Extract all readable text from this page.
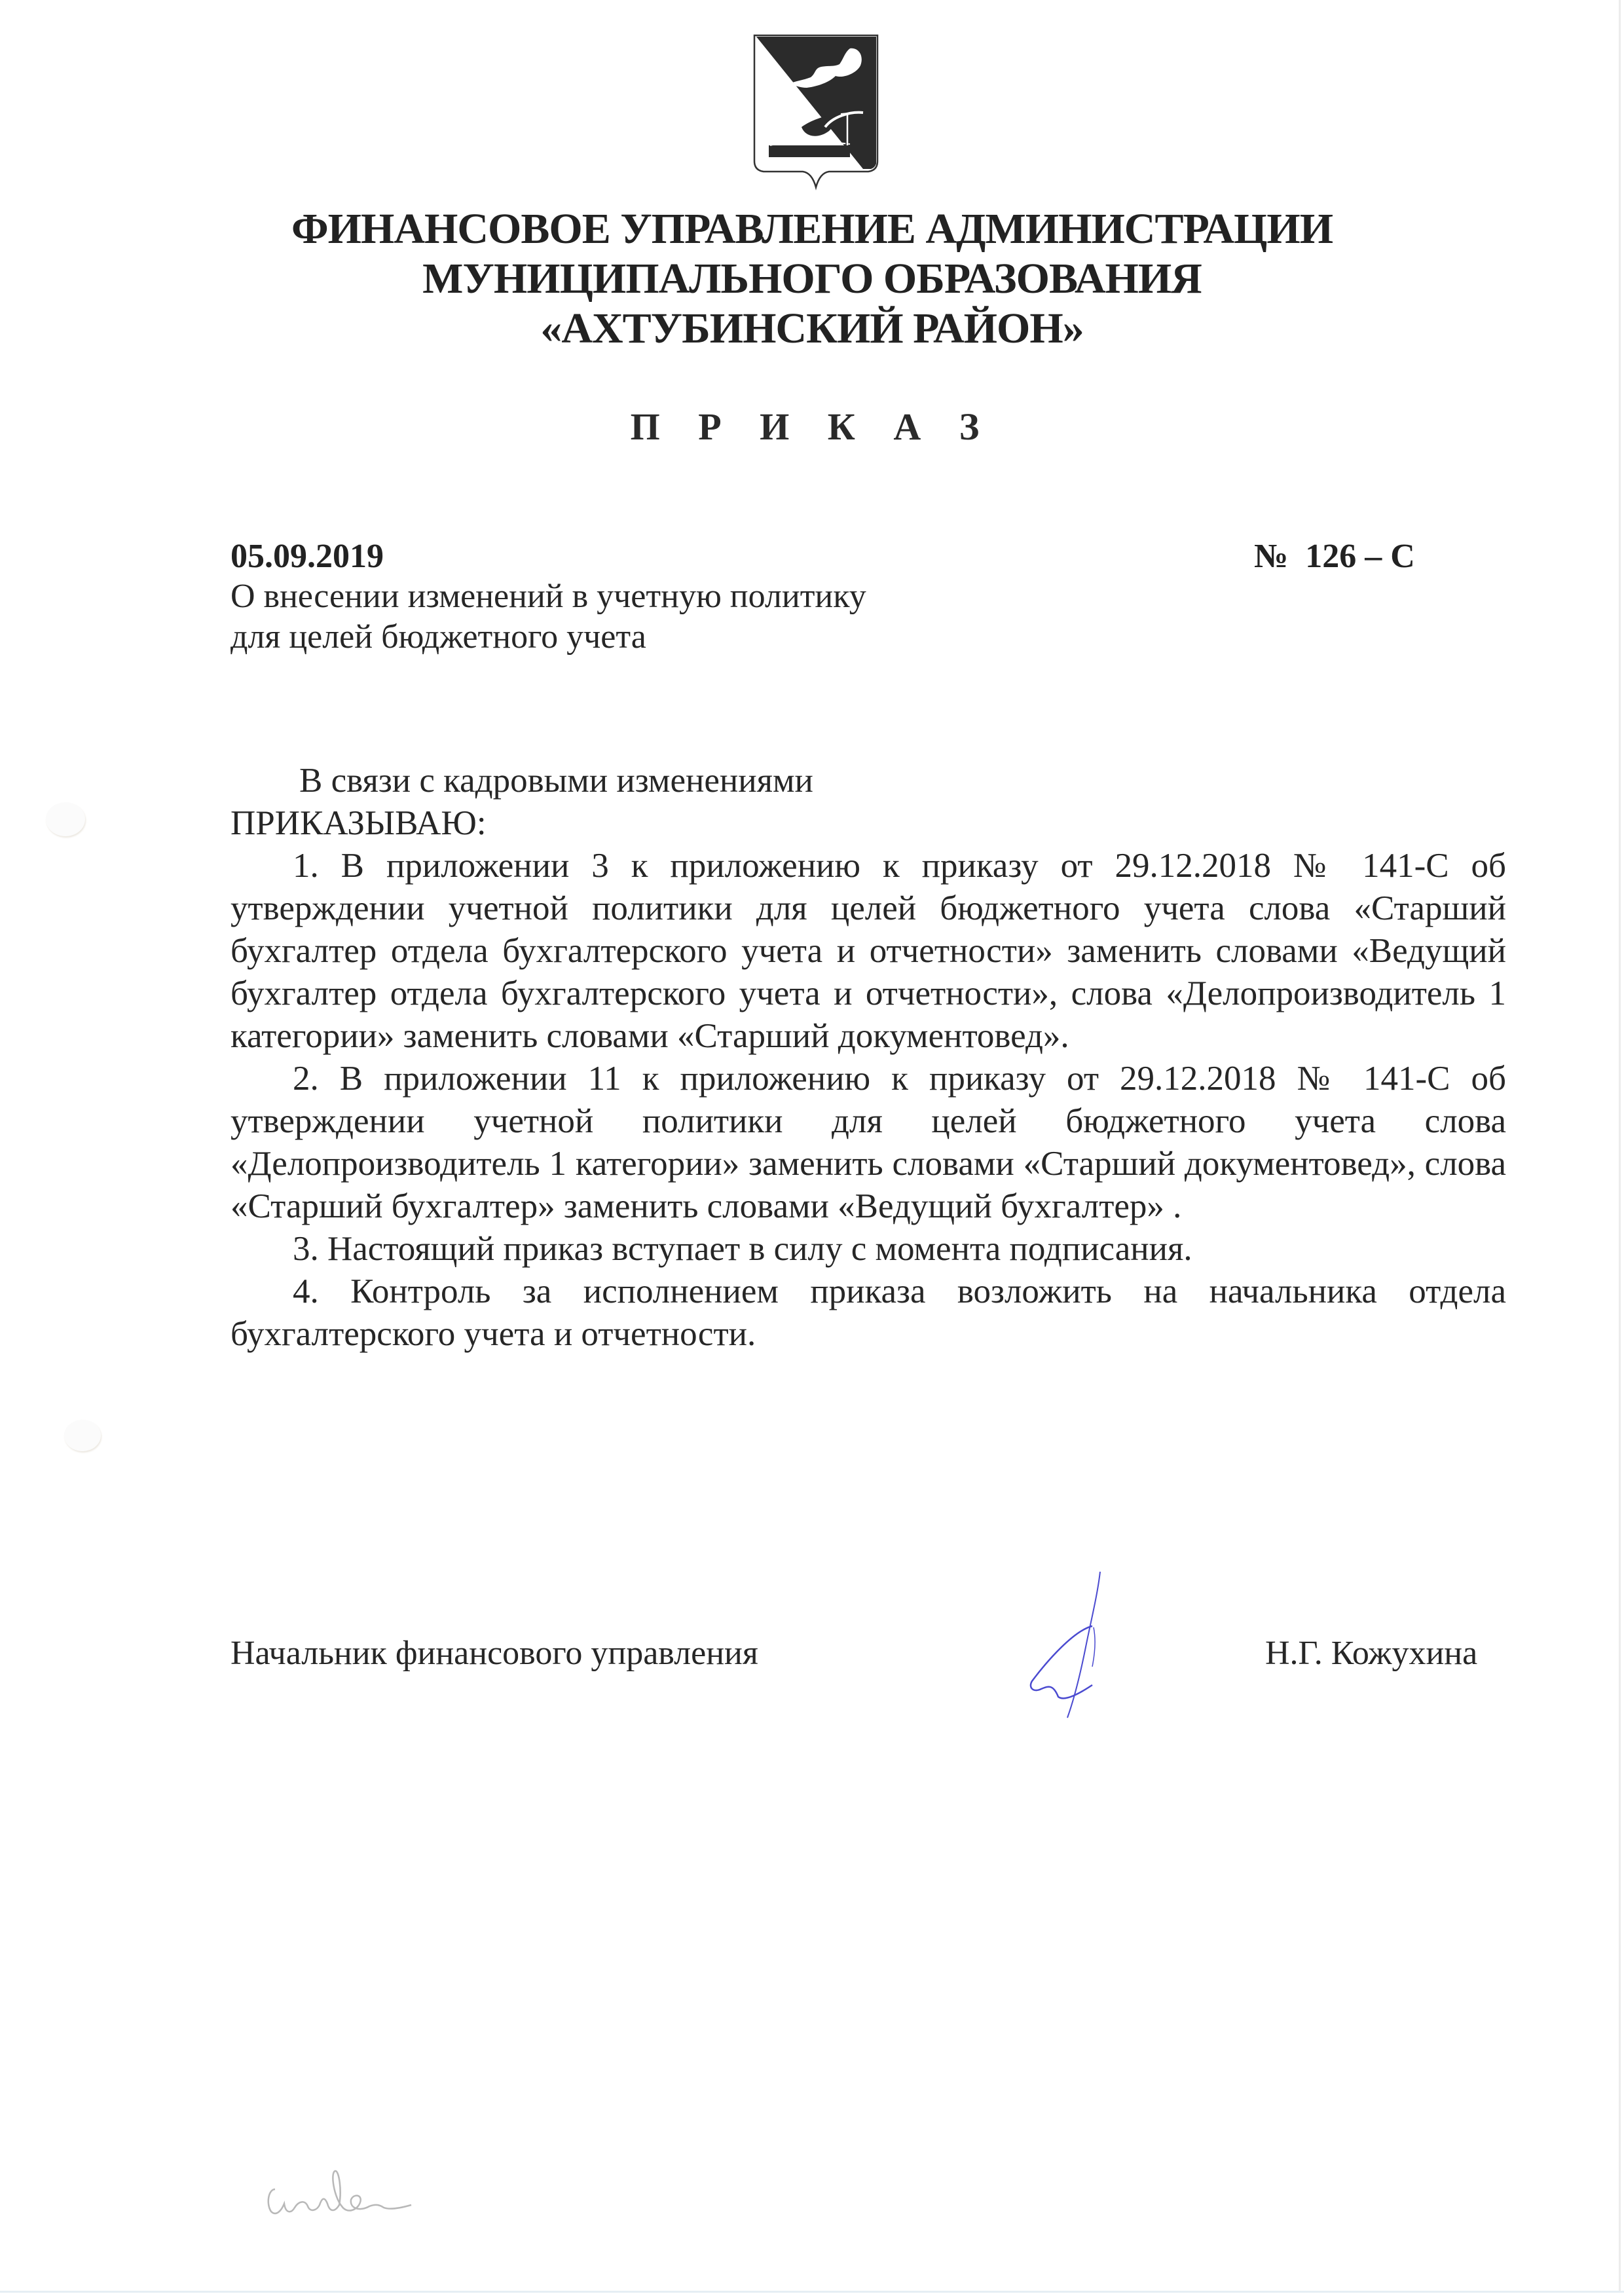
ФИНАНСОВОЕ УПРАВЛЕНИЕ АДМИНИСТРАЦИИ
МУНИЦИПАЛЬНОГО ОБРАЗОВАНИЯ
«АХТУБИНСКИЙ РАЙОН»
П Р И К А З
05.09.2019	№  126 – С
О внесении изменений в учетную политику
для целей бюджетного учета

В связи с кадровыми изменениями

ПРИКАЗЫВАЮ:

1. В приложении 3 к приложению к приказу от 29.12.2018 № 141-С об утверждении учетной политики для целей бюджетного учета слова «Старший бухгалтер отдела бухгалтерского учета и отчетности» заменить словами «Ведущий бухгалтер отдела бухгалтерского учета и отчетности», слова «Делопроизводитель 1 категории» заменить словами «Старший документовед».

2. В приложении 11 к приложению к приказу от 29.12.2018 № 141-С об утверждении учетной политики для целей бюджетного учета слова «Делопроизводитель 1 категории» заменить словами «Старший документовед», слова «Старший бухгалтер» заменить словами «Ведущий бухгалтер» .

3. Настоящий приказ вступает в силу с момента подписания.

4. Контроль за исполнением приказа возложить на начальника отдела бухгалтерского учета и отчетности.

Начальник финансового управления	Н.Г. Кожухина
